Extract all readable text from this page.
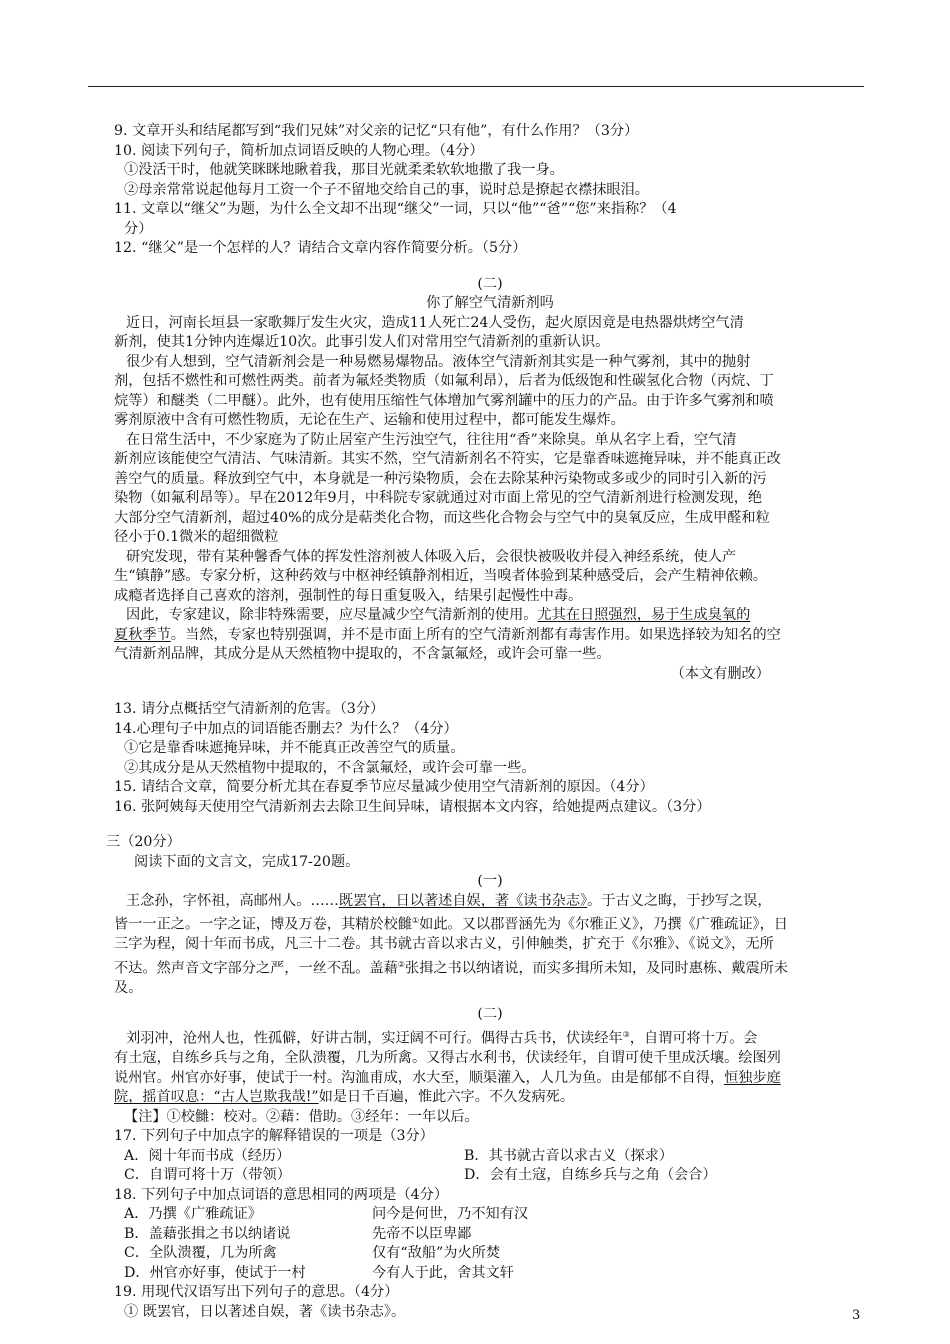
9. 文章开头和结尾都写到“我们兄妹”对父亲的记忆“只有他”，有什么作用？（3分）

10. 阅读下列句子，简析加点词语反映的人物心理。（4分）

①没活干时，他就笑眯眯地瞅着我，那目光就柔柔软软地撒了我一身。

②母亲常常说起他每月工资一个子不留地交给自己的事，说时总是撩起衣襟抹眼泪。

11. 文章以“继父”为题，为什么全文却不出现“继父”一词，只以“他”“爸”“您”来指称？（4

分）

12. “继父”是一个怎样的人？请结合文章内容作简要分析。（5分）

(二)

你了解空气清新剂吗

近日，河南长垣县一家歌舞厅发生火灾，造成11人死亡24人受伤，起火原因竟是电热器烘烤空气清

新剂，使其1分钟内连爆近10次。此事引发人们对常用空气清新剂的重新认识。

很少有人想到，空气清新剂会是一种易燃易爆物品。液体空气清新剂其实是一种气雾剂，其中的抛射

剂，包括不燃性和可燃性两类。前者为氟烃类物质（如氟利昂），后者为低级饱和性碳氢化合物（丙烷、丁

烷等）和醚类（二甲醚）。此外，也有使用压缩性气体增加气雾剂罐中的压力的产品。由于许多气雾剂和喷

雾剂原液中含有可燃性物质，无论在生产、运输和使用过程中，都可能发生爆炸。

在日常生活中，不少家庭为了防止居室产生污浊空气，往往用“香”来除臭。单从名字上看，空气清

新剂应该能使空气清洁、气味清新。其实不然，空气清新剂名不符实，它是靠香味遮掩异味，并不能真正改

善空气的质量。释放到空气中，本身就是一种污染物质，会在去除某种污染物或多或少的同时引入新的污

染物（如氟利昂等）。早在2012年9月，中科院专家就通过对市面上常见的空气清新剂进行检测发现，绝

大部分空气清新剂，超过40%的成分是萜类化合物，而这些化合物会与空气中的臭氧反应，生成甲醛和粒

径小于0.1微米的超细微粒

研究发现，带有某种馨香气体的挥发性溶剂被人体吸入后，会很快被吸收并侵入神经系统，使人产

生“镇静”感。专家分析，这种药效与中枢神经镇静剂相近，当嗅者体验到某种感受后，会产生精神依赖。

成瘾者选择自己喜欢的溶剂，强制性的每日重复吸入，结果引起慢性中毒。

因此，专家建议，除非特殊需要，应尽量减少空气清新剂的使用。尤其在日照强烈，易于生成臭氧的

夏秋季节。当然，专家也特别强调，并不是市面上所有的空气清新剂都有毒害作用。如果选择较为知名的空

气清新剂品牌，其成分是从天然植物中提取的，不含氯氟烃，或许会可靠一些。

（本文有删改）

13. 请分点概括空气清新剂的危害。（3分）

14.心理句子中加点的词语能否删去？为什么？（4分）

①它是靠香味遮掩异味，并不能真正改善空气的质量。

②其成分是从天然植物中提取的，不含氯氟烃，或许会可靠一些。

15. 请结合文章，简要分析尤其在春夏季节应尽量减少使用空气清新剂的原因。（4分）

16. 张阿姨每天使用空气清新剂去去除卫生间异味，请根据本文内容，给她提两点建议。（3分）

三（20分）

阅读下面的文言文，完成17-20题。

(一)

王念孙，字怀祖，高邮州人。……既罢官，日以著述自娱，著《读书杂志》。于古义之晦，于抄写之误，

皆一一正之。一字之证，博及万卷，其精於校雠①如此。又以郡晋涵先为《尔雅正义》，乃撰《广雅疏证》，日

三字为程，阅十年而书成，凡三十二卷。其书就古音以求古义，引伸触类，扩充于《尔雅》、《说文》，无所

不达。然声音文字部分之严，一丝不乱。盖藉②张揖之书以纳诸说，而实多揖所未知，及同时惠栋、戴震所未

及。

(二)

刘羽冲，沧州人也，性孤僻，好讲古制，实迂阔不可行。偶得古兵书，伏读经年③，自谓可将十万。会

有土寇，自练乡兵与之角，全队溃覆，几为所禽。又得古水利书，伏读经年，自谓可使千里成沃壤。绘图列

说州官。州官亦好事，使试于一村。沟洫甫成，水大至，顺渠灌入，人几为鱼。由是郁郁不自得，恒独步庭

院，摇首叹息：“古人岂欺我哉!”如是日千百遍，惟此六字。不久发病死。

【注】①校雠：校对。②藉：借助。③经年：一年以后。

17. 下列句子中加点字的解释错误的一项是（3分）

A．阅十年而书成（经历）	B．其书就古音以求古义（探求）
C．自谓可将十万（带领）	D．会有土寇，自练乡兵与之角（会合）

18. 下列句子中加点词语的意思相同的两项是（4分）

A．乃撰《广雅疏证》	问今是何世，乃不知有汉
B．盖藉张揖之书以纳诸说	先帝不以臣卑鄙
C．全队溃覆，几为所禽	仅有“敌船”为火所焚
D．州官亦好事，使试于一村	今有人于此，舍其文轩

19. 用现代汉语写出下列句子的意思。（4分）

① 既罢官，日以著述自娱，著《读书杂志》。	3
